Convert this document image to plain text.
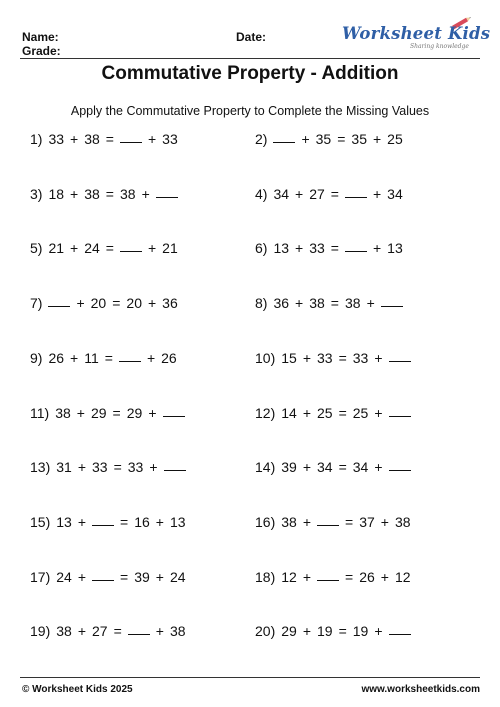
Name:
Grade:
Date:	Worksheet Kids
Sharing knowledge
Commutative Property - Addition
Apply the Commutative Property to Complete the Missing Values
1) 33 + 38 = + 33	2) + 35 = 35 + 25
3) 18 + 38 = 38 +	4) 34 + 27 = + 34
5) 21 + 24 = + 21	6) 13 + 33 = + 13
7) + 20 = 20 + 36	8) 36 + 38 = 38 +
9) 26 + 11 = + 26	10) 15 + 33 = 33 +
11) 38 + 29 = 29 +	12) 14 + 25 = 25 +
13) 31 + 33 = 33 +	14) 39 + 34 = 34 +
15) 13 + = 16 + 13	16) 38 + = 37 + 38
17) 24 + = 39 + 24	18) 12 + = 26 + 12
19) 38 + 27 = + 38	20) 29 + 19 = 19 +
© Worksheet Kids 2025	www.worksheetkids.com
